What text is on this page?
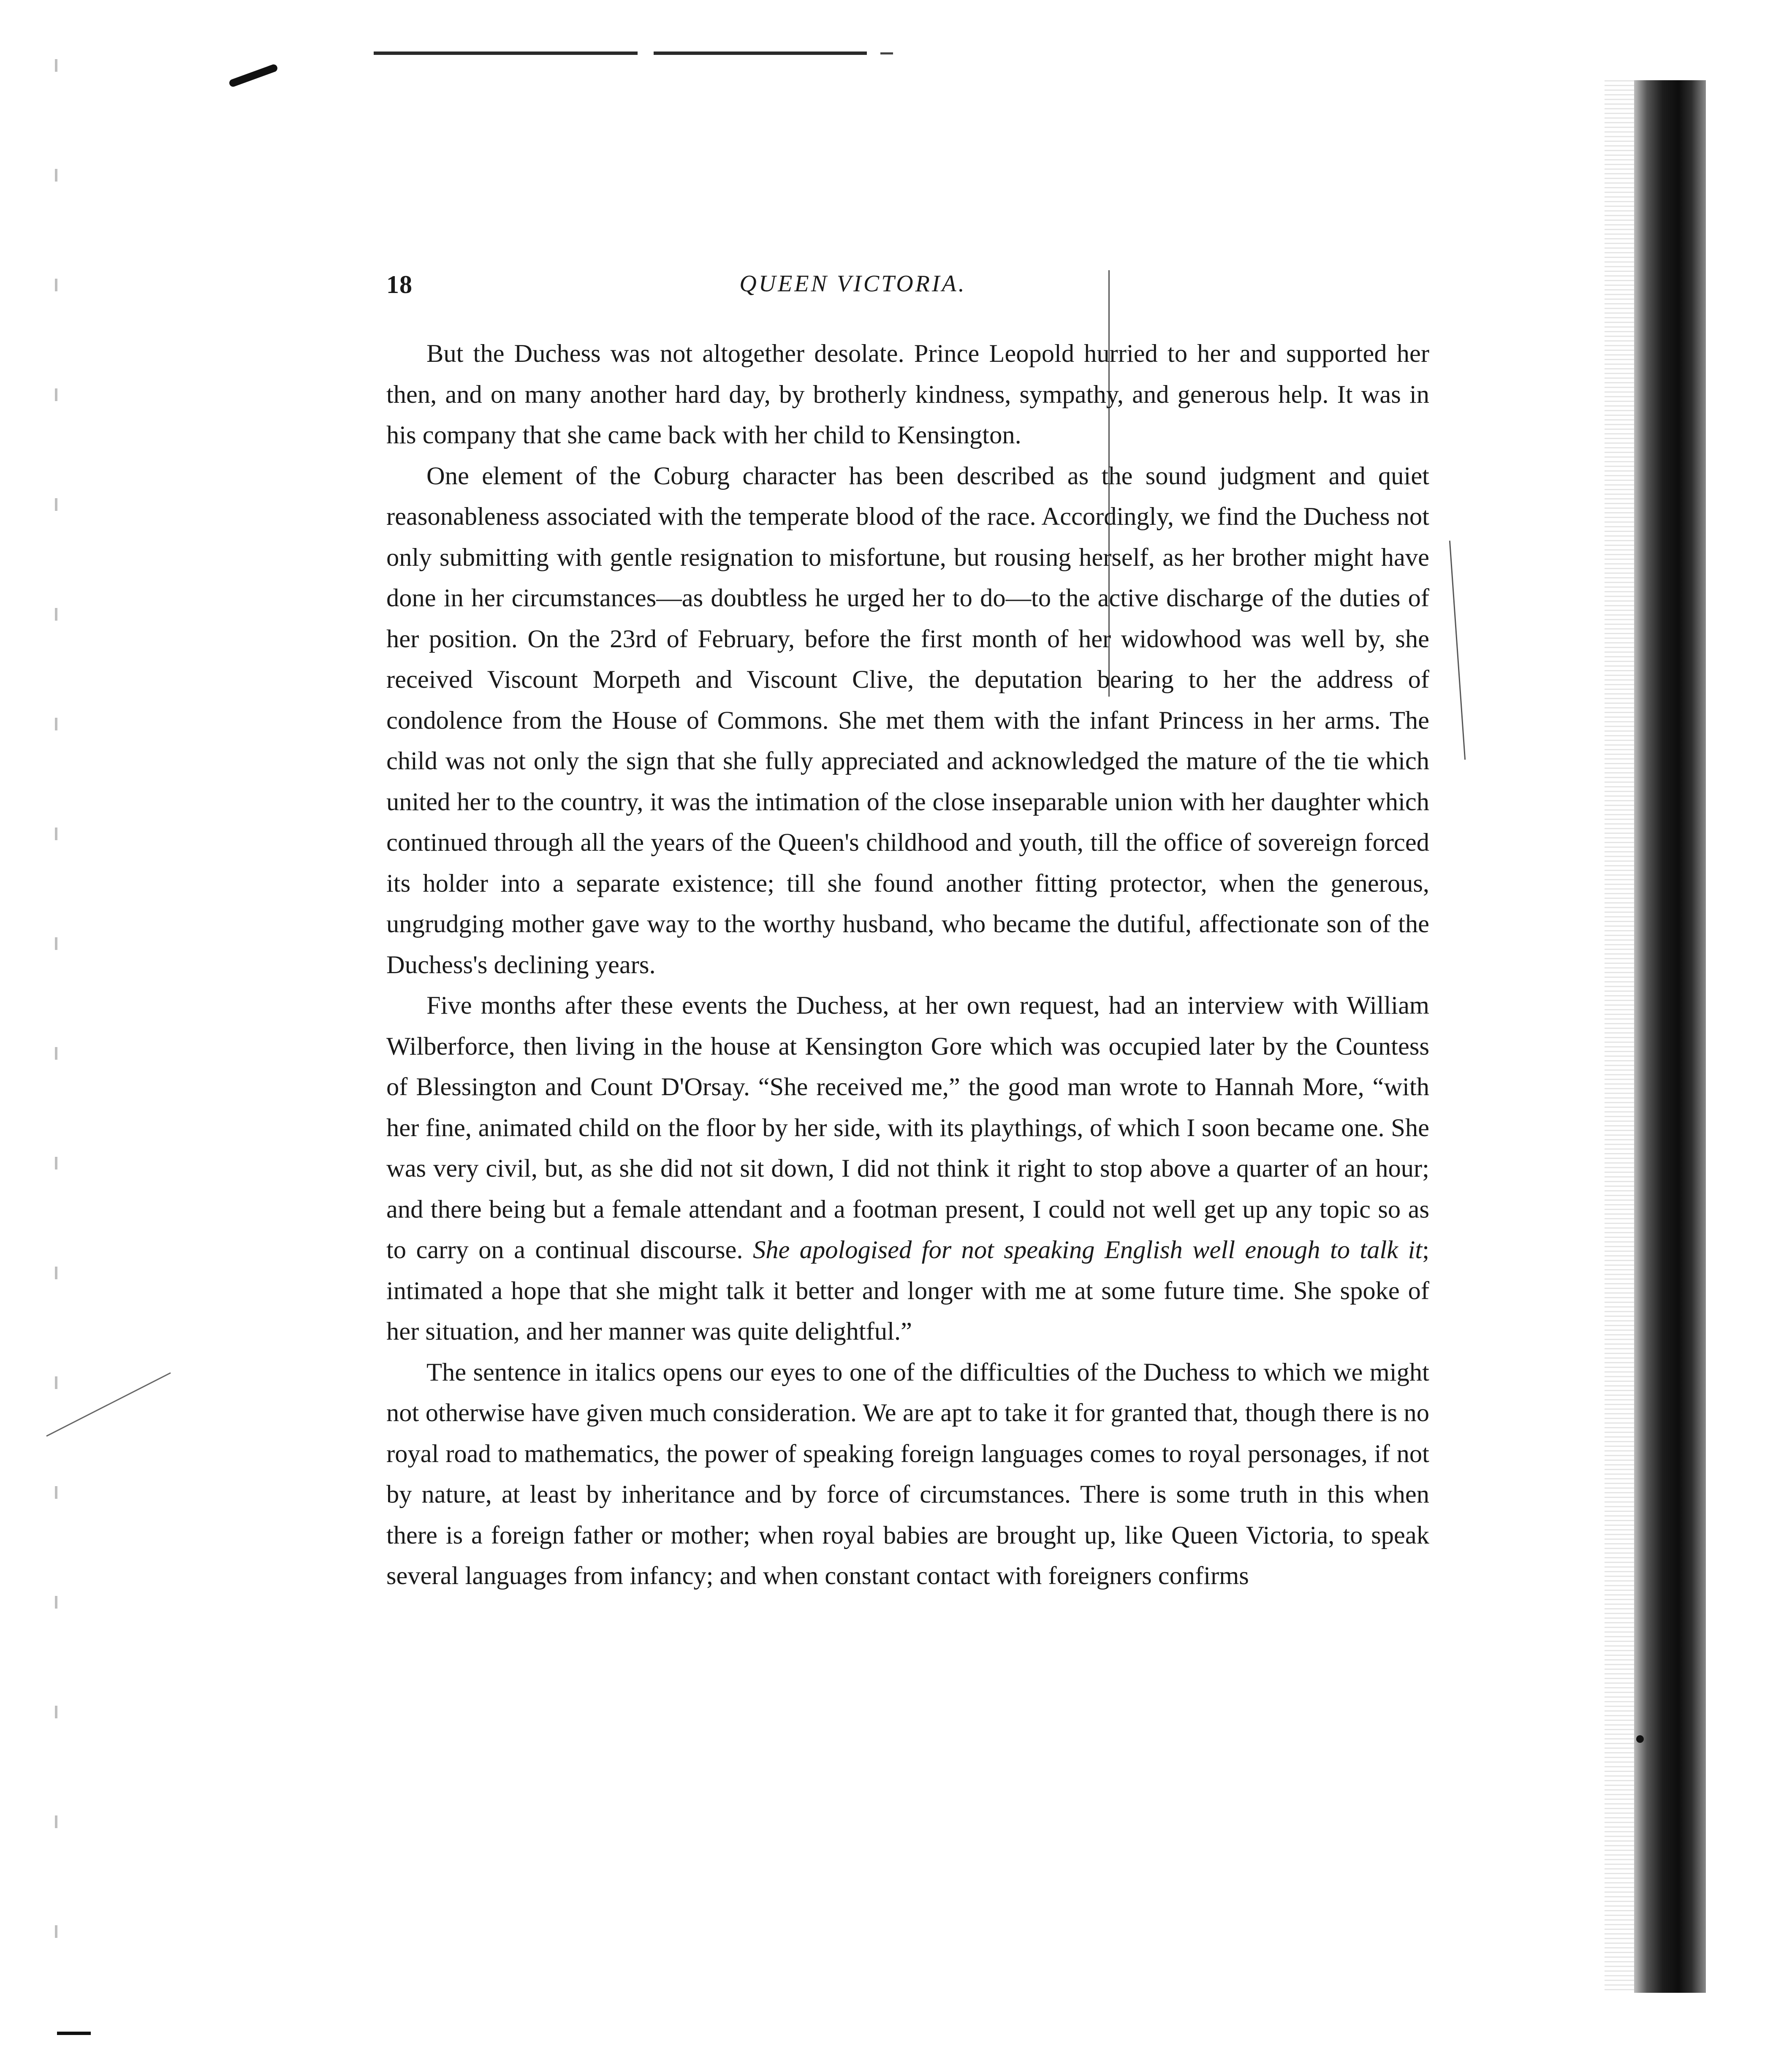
18	QUEEN VICTORIA.

But the Duchess was not altogether desolate. Prince Leopold hurried to her and supported her then, and on many another hard day, by brotherly kindness, sympathy, and generous help. It was in his company that she came back with her child to Kensington.

One element of the Coburg character has been described as the sound judgment and quiet reasonableness associated with the temperate blood of the race. Accordingly, we find the Duchess not only submitting with gentle resignation to misfortune, but rousing herself, as her brother might have done in her circumstances—as doubtless he urged her to do—to the active discharge of the duties of her position. On the 23rd of February, before the first month of her widowhood was well by, she received Viscount Morpeth and Viscount Clive, the deputation bearing to her the address of condolence from the House of Commons. She met them with the infant Princess in her arms. The child was not only the sign that she fully appreciated and acknowledged the mature of the tie which united her to the country, it was the intimation of the close inseparable union with her daughter which continued through all the years of the Queen's childhood and youth, till the office of sovereign forced its holder into a separate existence; till she found another fitting protector, when the generous, ungrudging mother gave way to the worthy husband, who became the dutiful, affectionate son of the Duchess's declining years.

Five months after these events the Duchess, at her own request, had an interview with William Wilberforce, then living in the house at Kensington Gore which was occupied later by the Countess of Blessington and Count D'Orsay. “She received me,” the good man wrote to Hannah More, “with her fine, animated child on the floor by her side, with its playthings, of which I soon became one. She was very civil, but, as she did not sit down, I did not think it right to stop above a quarter of an hour; and there being but a female attendant and a footman present, I could not well get up any topic so as to carry on a continual discourse. She apologised for not speaking English well enough to talk it; intimated a hope that she might talk it better and longer with me at some future time. She spoke of her situation, and her manner was quite delightful.”

The sentence in italics opens our eyes to one of the difficulties of the Duchess to which we might not otherwise have given much consideration. We are apt to take it for granted that, though there is no royal road to mathematics, the power of speaking foreign languages comes to royal personages, if not by nature, at least by inheritance and by force of circumstances. There is some truth in this when there is a foreign father or mother; when royal babies are brought up, like Queen Victoria, to speak several languages from infancy; and when constant contact with foreigners confirms
